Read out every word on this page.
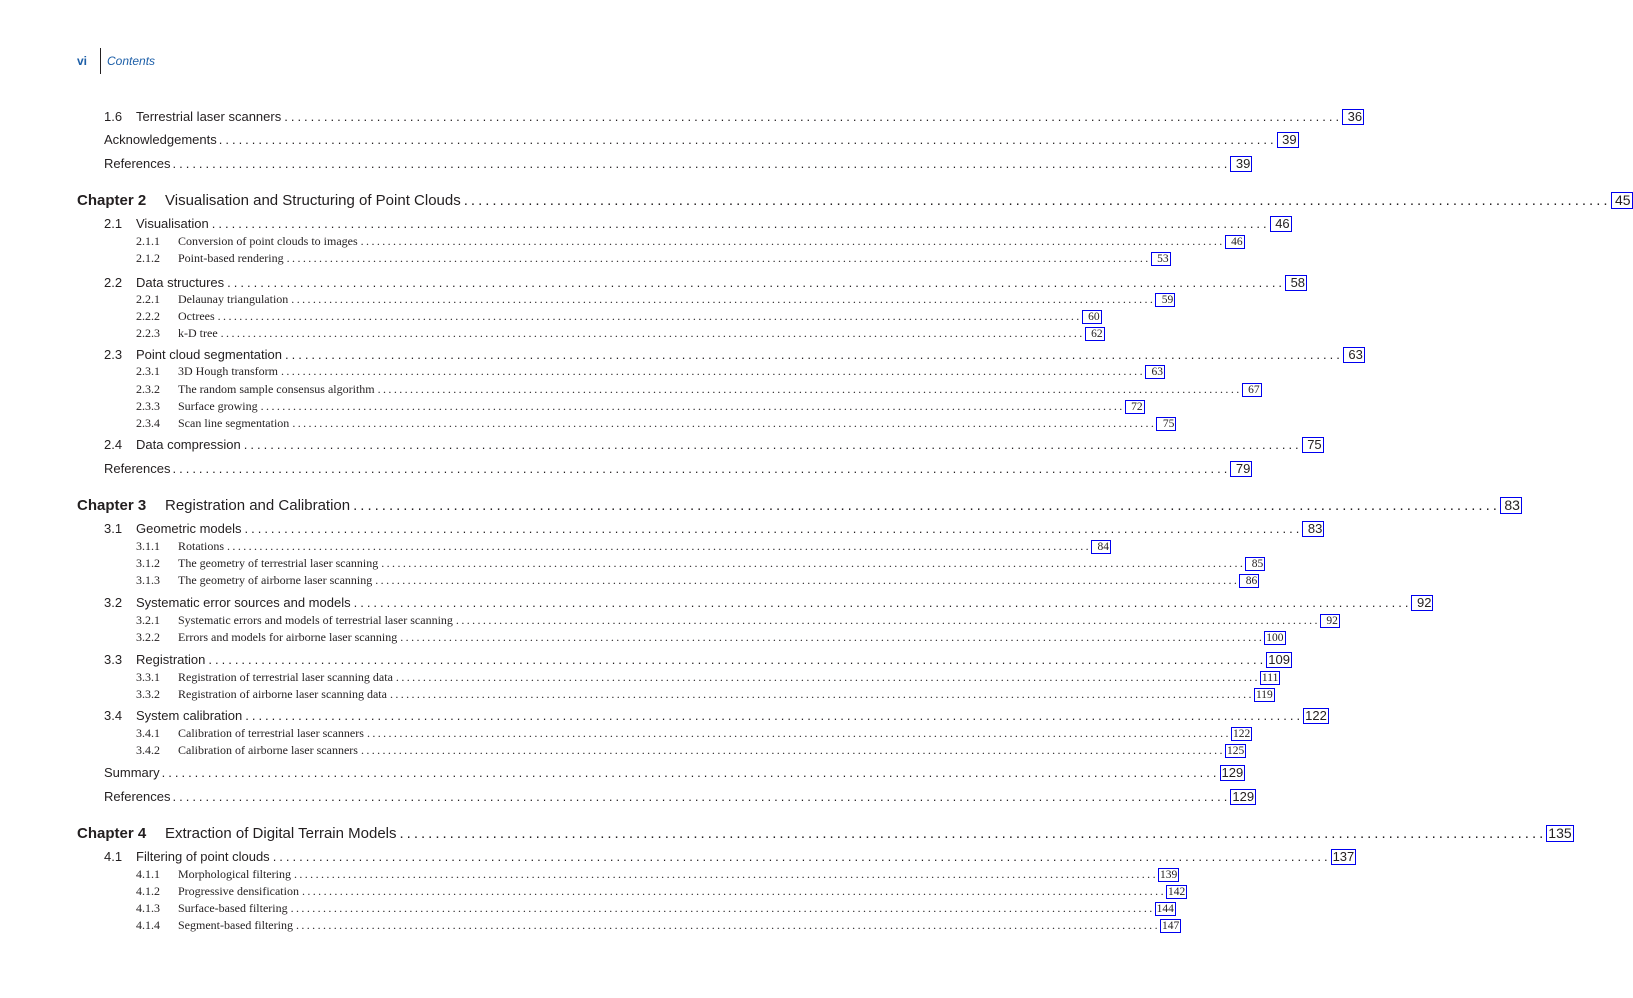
vi Contents
1.6	Terrestrial laser scanners ................................................................................................................................................................ 36
Acknowledgements ................................................................................................................................................................ 39
References ................................................................................................................................................................ 39
Chapter 2	Visualisation and Structuring of Point Clouds ................................................................................................................................................................ 45
2.1	Visualisation ................................................................................................................................................................ 46
2.1.1	Conversion of point clouds to images ................................................................................................................................................................ 46
2.1.2	Point-based rendering ................................................................................................................................................................ 53
2.2	Data structures ................................................................................................................................................................ 58
2.2.1	Delaunay triangulation ................................................................................................................................................................ 59
2.2.2	Octrees ................................................................................................................................................................ 60
2.2.3	k-D tree ................................................................................................................................................................ 62
2.3	Point cloud segmentation ................................................................................................................................................................ 63
2.3.1	3D Hough transform ................................................................................................................................................................ 63
2.3.2	The random sample consensus algorithm ................................................................................................................................................................ 67
2.3.3	Surface growing ................................................................................................................................................................ 72
2.3.4	Scan line segmentation ................................................................................................................................................................ 75
2.4	Data compression ................................................................................................................................................................ 75
References ................................................................................................................................................................ 79
Chapter 3	Registration and Calibration ................................................................................................................................................................ 83
3.1	Geometric models ................................................................................................................................................................ 83
3.1.1	Rotations ................................................................................................................................................................ 84
3.1.2	The geometry of terrestrial laser scanning ................................................................................................................................................................ 85
3.1.3	The geometry of airborne laser scanning ................................................................................................................................................................ 86
3.2	Systematic error sources and models ................................................................................................................................................................ 92
3.2.1	Systematic errors and models of terrestrial laser scanning ................................................................................................................................................................ 92
3.2.2	Errors and models for airborne laser scanning ................................................................................................................................................................ 100
3.3	Registration ................................................................................................................................................................ 109
3.3.1	Registration of terrestrial laser scanning data ................................................................................................................................................................ 111
3.3.2	Registration of airborne laser scanning data ................................................................................................................................................................ 119
3.4	System calibration ................................................................................................................................................................ 122
3.4.1	Calibration of terrestrial laser scanners ................................................................................................................................................................ 122
3.4.2	Calibration of airborne laser scanners ................................................................................................................................................................ 125
Summary ................................................................................................................................................................ 129
References ................................................................................................................................................................ 129
Chapter 4	Extraction of Digital Terrain Models ................................................................................................................................................................ 135
4.1	Filtering of point clouds ................................................................................................................................................................ 137
4.1.1	Morphological filtering ................................................................................................................................................................ 139
4.1.2	Progressive densification ................................................................................................................................................................ 142
4.1.3	Surface-based filtering ................................................................................................................................................................ 144
4.1.4	Segment-based filtering ................................................................................................................................................................ 147
